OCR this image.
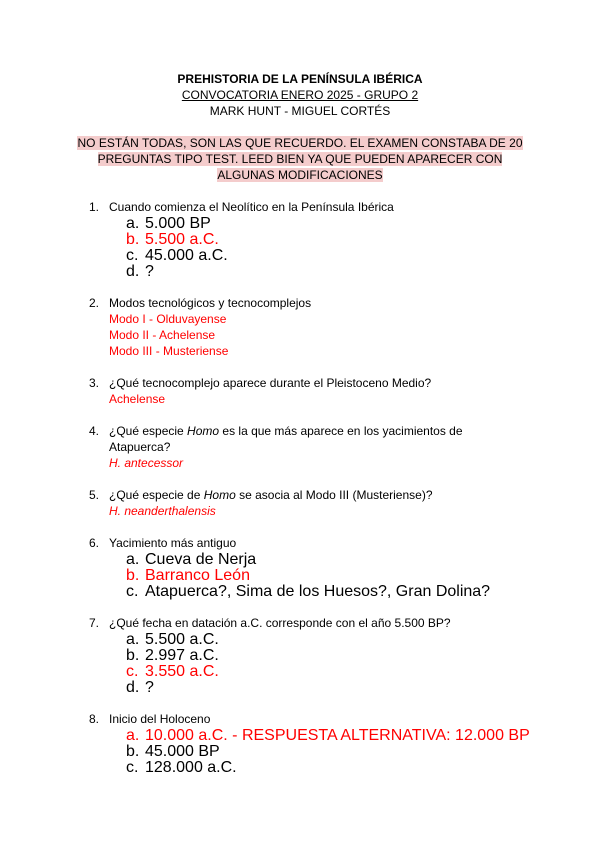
PREHISTORIA DE LA PENÍNSULA IBÉRICA
CONVOCATORIA ENERO 2025 - GRUPO 2
MARK HUNT - MIGUEL CORTÉS
NO ESTÁN TODAS, SON LAS QUE RECUERDO. EL EXAMEN CONSTABA DE 20
PREGUNTAS TIPO TEST. LEED BIEN YA QUE PUEDEN APARECER CON
ALGUNAS MODIFICACIONES
1. Cuando comienza el Neolítico en la Península Ibérica
a. 5.000 BP
b. 5.500 a.C.
c. 45.000 a.C.
d. ?
2. Modos tecnológicos y tecnocomplejos
Modo I - Olduvayense
Modo II - Achelense
Modo III - Musteriense
3. ¿Qué tecnocomplejo aparece durante el Pleistoceno Medio?
Achelense
4. ¿Qué especie Homo es la que más aparece en los yacimientos de
Atapuerca?
H. antecessor
5. ¿Qué especie de Homo se asocia al Modo III (Musteriense)?
H. neanderthalensis
6. Yacimiento más antiguo
a. Cueva de Nerja
b. Barranco León
c. Atapuerca?, Sima de los Huesos?, Gran Dolina?
7. ¿Qué fecha en datación a.C. corresponde con el año 5.500 BP?
a. 5.500 a.C.
b. 2.997 a.C.
c. 3.550 a.C.
d. ?
8. Inicio del Holoceno
a. 10.000 a.C. - RESPUESTA ALTERNATIVA: 12.000 BP
b. 45.000 BP
c. 128.000 a.C.
